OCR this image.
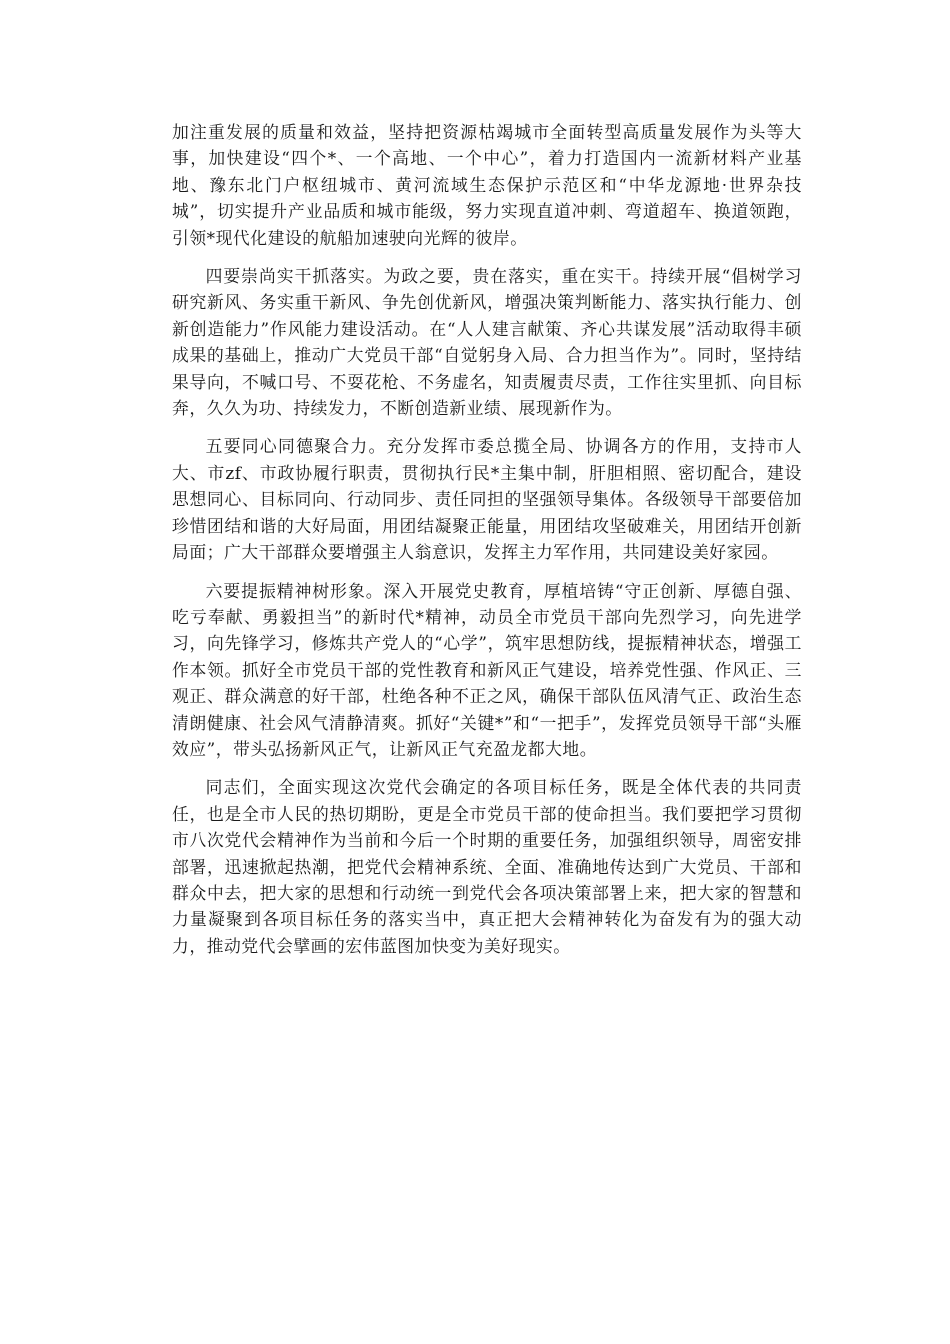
加注重发展的质量和效益，坚持把资源枯竭城市全面转型高质量发展作为头等大事，加快建设“四个*、一个高地、一个中心”，着力打造国内一流新材料产业基地、豫东北门户枢纽城市、黄河流域生态保护示范区和“中华龙源地·世界杂技城”，切实提升产业品质和城市能级，努力实现直道冲刺、弯道超车、换道领跑，引领*现代化建设的航船加速驶向光辉的彼岸。

四要崇尚实干抓落实。为政之要，贵在落实，重在实干。持续开展“倡树学习研究新风、务实重干新风、争先创优新风，增强决策判断能力、落实执行能力、创新创造能力”作风能力建设活动。在“人人建言献策、齐心共谋发展”活动取得丰硕成果的基础上，推动广大党员干部“自觉躬身入局、合力担当作为”。同时，坚持结果导向，不喊口号、不耍花枪、不务虚名，知责履责尽责，工作往实里抓、向目标奔，久久为功、持续发力，不断创造新业绩、展现新作为。

五要同心同德聚合力。充分发挥市委总揽全局、协调各方的作用，支持市人大、市zf、市政协履行职责，贯彻执行民*主集中制，肝胆相照、密切配合，建设思想同心、目标同向、行动同步、责任同担的坚强领导集体。各级领导干部要倍加珍惜团结和谐的大好局面，用团结凝聚正能量，用团结攻坚破难关，用团结开创新局面；广大干部群众要增强主人翁意识，发挥主力军作用，共同建设美好家园。

六要提振精神树形象。深入开展党史教育，厚植培铸“守正创新、厚德自强、吃亏奉献、勇毅担当”的新时代*精神，动员全市党员干部向先烈学习，向先进学习，向先锋学习，修炼共产党人的“心学”，筑牢思想防线，提振精神状态，增强工作本领。抓好全市党员干部的党性教育和新风正气建设，培养党性强、作风正、三观正、群众满意的好干部，杜绝各种不正之风，确保干部队伍风清气正、政治生态清朗健康、社会风气清静清爽。抓好“关键*”和“一把手”，发挥党员领导干部“头雁效应”，带头弘扬新风正气，让新风正气充盈龙都大地。

同志们，全面实现这次党代会确定的各项目标任务，既是全体代表的共同责任，也是全市人民的热切期盼，更是全市党员干部的使命担当。我们要把学习贯彻市八次党代会精神作为当前和今后一个时期的重要任务，加强组织领导，周密安排部署，迅速掀起热潮，把党代会精神系统、全面、准确地传达到广大党员、干部和群众中去，把大家的思想和行动统一到党代会各项决策部署上来，把大家的智慧和力量凝聚到各项目标任务的落实当中，真正把大会精神转化为奋发有为的强大动力，推动党代会擘画的宏伟蓝图加快变为美好现实。
